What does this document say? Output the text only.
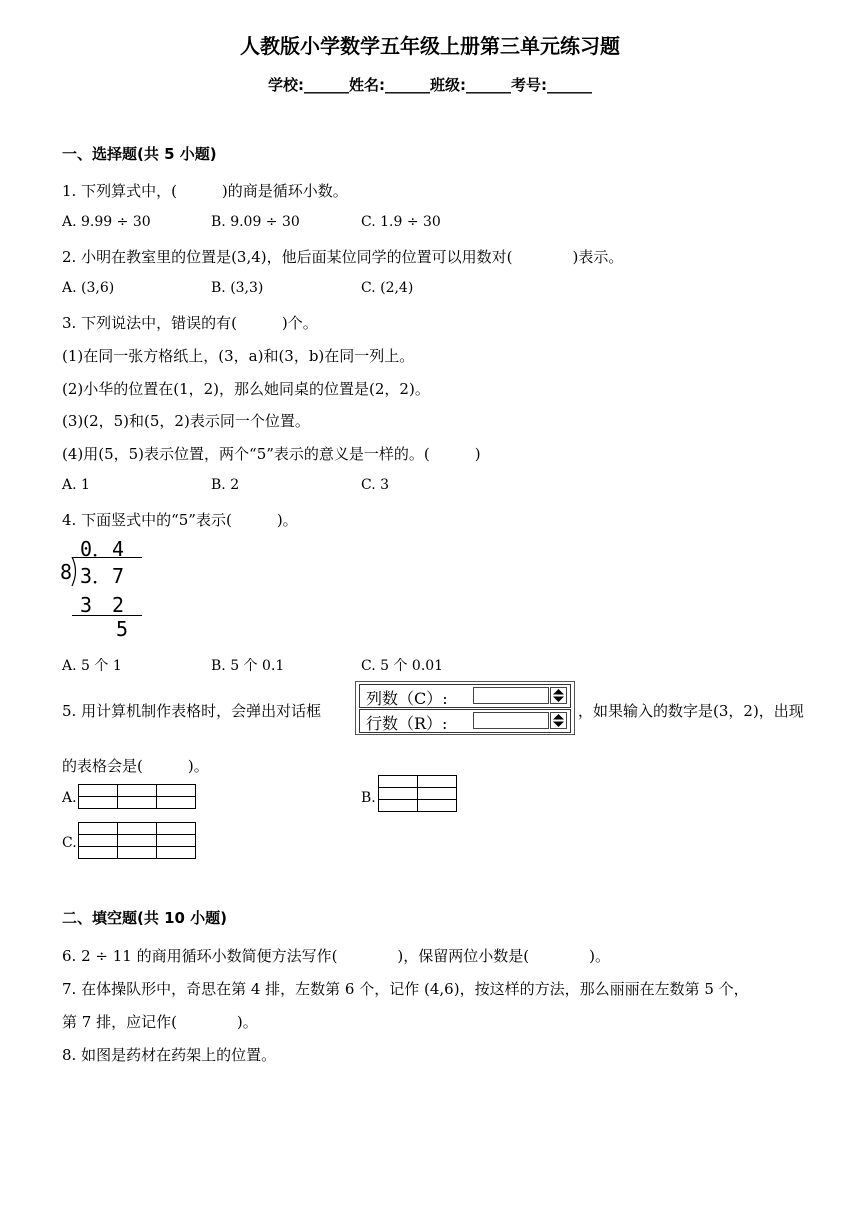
人教版小学数学五年级上册第三单元练习题
学校:______姓名:______班级:______考号:______
一、选择题(共 5 小题)
1. 下列算式中，(　　　)的商是循环小数。
A. 9.99 ÷ 30	B. 9.09 ÷ 30	C. 1.9 ÷ 30
2. 小明在教室里的位置是(3,4)，他后面某位同学的位置可以用数对(　　　　)表示。
A. (3,6)	B. (3,3)	C. (2,4)
3. 下列说法中，错误的有(　　　)个。
(1)在同一张方格纸上，(3，a)和(3，b)在同一列上。
(2)小华的位置在(1，2)，那么她同桌的位置是(2，2)。
(3)(2，5)和(5，2)表示同一个位置。
(4)用(5，5)表示位置，两个“5”表示的意义是一样的。(　　　)
A. 1	B. 2	C. 3
4. 下面竖式中的“5”表示(　　　)。
0．4
8 3．7
3　2
5
A. 5 个 1	B. 5 个 0.1	C. 5 个 0.01
5. 用计算机制作表格时，会弹出对话框
列数（C）:
行数（R）:
，如果输入的数字是(3，2)，出现
的表格会是(　　　)。
A.

			B.

C.

二、填空题(共 10 小题)
6. 2 ÷ 11 的商用循环小数简便方法写作(　　　　)，保留两位小数是(　　　　)。
7. 在体操队形中，奇思在第 4 排，左数第 6 个，记作 (4,6)，按这样的方法，那么丽丽在左数第 5 个，
第 7 排，应记作(　　　　)。
8. 如图是药材在药架上的位置。
